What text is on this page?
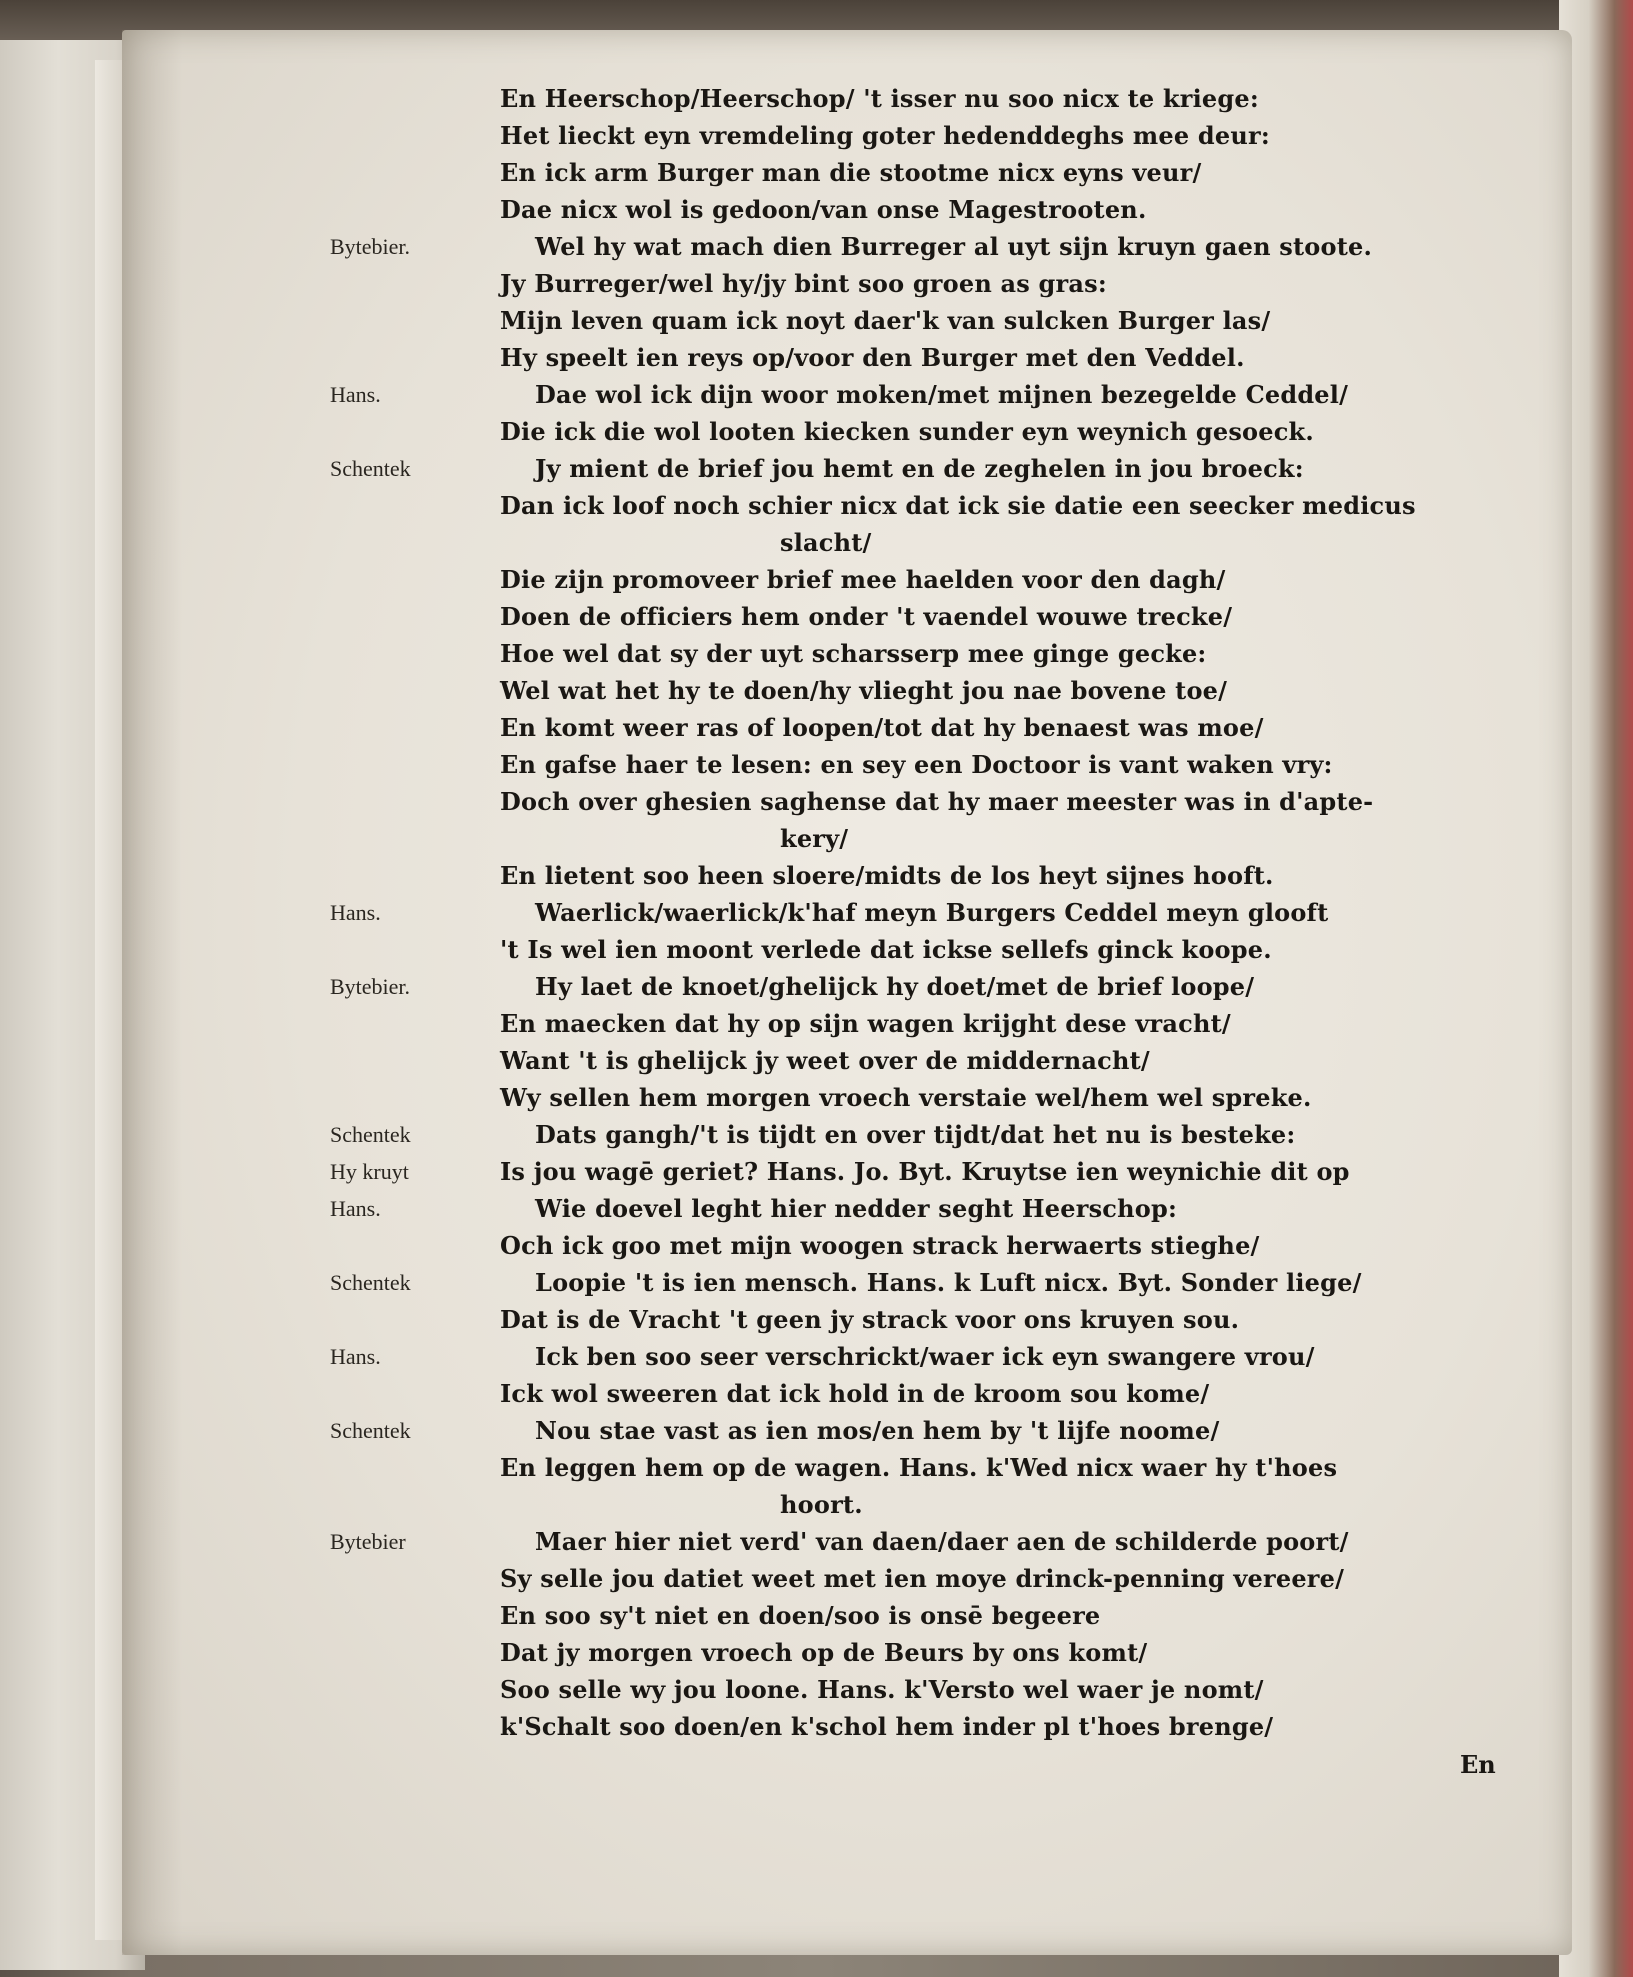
En Heerschop/Heerschop/ 't isser nu soo nicx te kriege:
Het lieckt eyn vremdeling goter hedenddeghs mee deur:
En ick arm Burger man die stootme nicx eyns veur/
Dae nicx wol is gedoon/van onse Magestrooten.
Bytebier.	Wel hy wat mach dien Burreger al uyt sijn kruyn gaen stoote.
Jy Burreger/wel hy/jy bint soo groen as gras:
Mijn leven quam ick noyt daer'k van sulcken Burger las/
Hy speelt ien reys op/voor den Burger met den Veddel.
Hans.	Dae wol ick dijn woor moken/met mijnen bezegelde Ceddel/
Die ick die wol looten kiecken sunder eyn weynich gesoeck.
Schentek	Jy mient de brief jou hemt en de zeghelen in jou broeck:
Dan ick loof noch schier nicx dat ick sie datie een seecker medicus
slacht/
Die zijn promoveer brief mee haelden voor den dagh/
Doen de officiers hem onder 't vaendel wouwe trecke/
Hoe wel dat sy der uyt scharsserp mee ginge gecke:
Wel wat het hy te doen/hy vlieght jou nae bovene toe/
En komt weer ras of loopen/tot dat hy benaest was moe/
En gafse haer te lesen: en sey een Doctoor is vant waken vry:
Doch over ghesien saghense dat hy maer meester was in d'apte-
kery/
En lietent soo heen sloere/midts de los heyt sijnes hooft.
Hans.	Waerlick/waerlick/k'haf meyn Burgers Ceddel meyn glooft
't Is wel ien moont verlede dat ickse sellefs ginck koope.
Bytebier.	Hy laet de knoet/ghelijck hy doet/met de brief loope/
En maecken dat hy op sijn wagen krijght dese vracht/
Want 't is ghelijck jy weet over de middernacht/
Wy sellen hem morgen vroech verstaie wel/hem wel spreke.
Schentek	Dats gangh/'t is tijdt en over tijdt/dat het nu is besteke:
Hy kruyt	Is jou wagē geriet? Hans. Jo. Byt. Kruytse ien weynichie dit op
Hans.	Wie doevel leght hier nedder seght Heerschop:
Och ick goo met mijn woogen strack herwaerts stieghe/
Schentek	Loopie 't is ien mensch. Hans. k Luft nicx. Byt. Sonder liege/
Dat is de Vracht 't geen jy strack voor ons kruyen sou.
Hans.	Ick ben soo seer verschrickt/waer ick eyn swangere vrou/
Ick wol sweeren dat ick hold in de kroom sou kome/
Schentek	Nou stae vast as ien mos/en hem by 't lijfe noome/
En leggen hem op de wagen. Hans. k'Wed nicx waer hy t'hoes
hoort.
Bytebier	Maer hier niet verd' van daen/daer aen de schilderde poort/
Sy selle jou datiet weet met ien moye drinck-penning vereere/
En soo sy't niet en doen/soo is onsē begeere
Dat jy morgen vroech op de Beurs by ons komt/
Soo selle wy jou loone. Hans. k'Versto wel waer je nomt/
k'Schalt soo doen/en k'schol hem inder pl t'hoes brenge/
En
